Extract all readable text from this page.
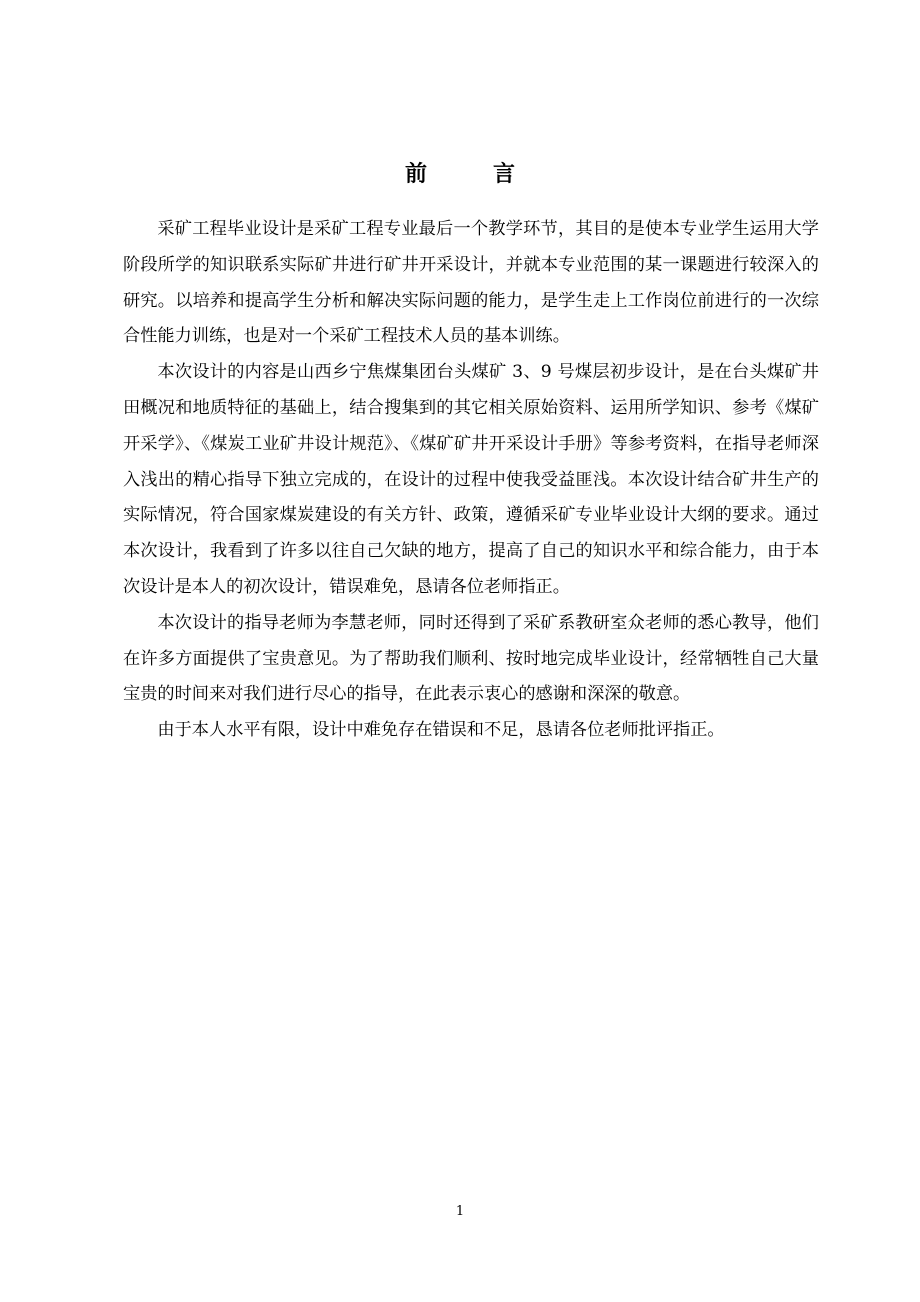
前　言

采矿工程毕业设计是采矿工程专业最后一个教学环节，其目的是使本专业学生运用大学阶段所学的知识联系实际矿井进行矿井开采设计，并就本专业范围的某一课题进行较深入的研究。以培养和提高学生分析和解决实际问题的能力，是学生走上工作岗位前进行的一次综合性能力训练，也是对一个采矿工程技术人员的基本训练。

本次设计的内容是山西乡宁焦煤集团台头煤矿 3、9 号煤层初步设计，是在台头煤矿井田概况和地质特征的基础上，结合搜集到的其它相关原始资料、运用所学知识、参考《煤矿开采学》、《煤炭工业矿井设计规范》、《煤矿矿井开采设计手册》等参考资料，在指导老师深入浅出的精心指导下独立完成的，在设计的过程中使我受益匪浅。本次设计结合矿井生产的实际情况，符合国家煤炭建设的有关方针、政策，遵循采矿专业毕业设计大纲的要求。通过本次设计，我看到了许多以往自己欠缺的地方，提高了自己的知识水平和综合能力，由于本次设计是本人的初次设计，错误难免，恳请各位老师指正。

本次设计的指导老师为李慧老师，同时还得到了采矿系教研室众老师的悉心教导，他们在许多方面提供了宝贵意见。为了帮助我们顺利、按时地完成毕业设计，经常牺牲自己大量宝贵的时间来对我们进行尽心的指导，在此表示衷心的感谢和深深的敬意。

由于本人水平有限，设计中难免存在错误和不足，恳请各位老师批评指正。

1
